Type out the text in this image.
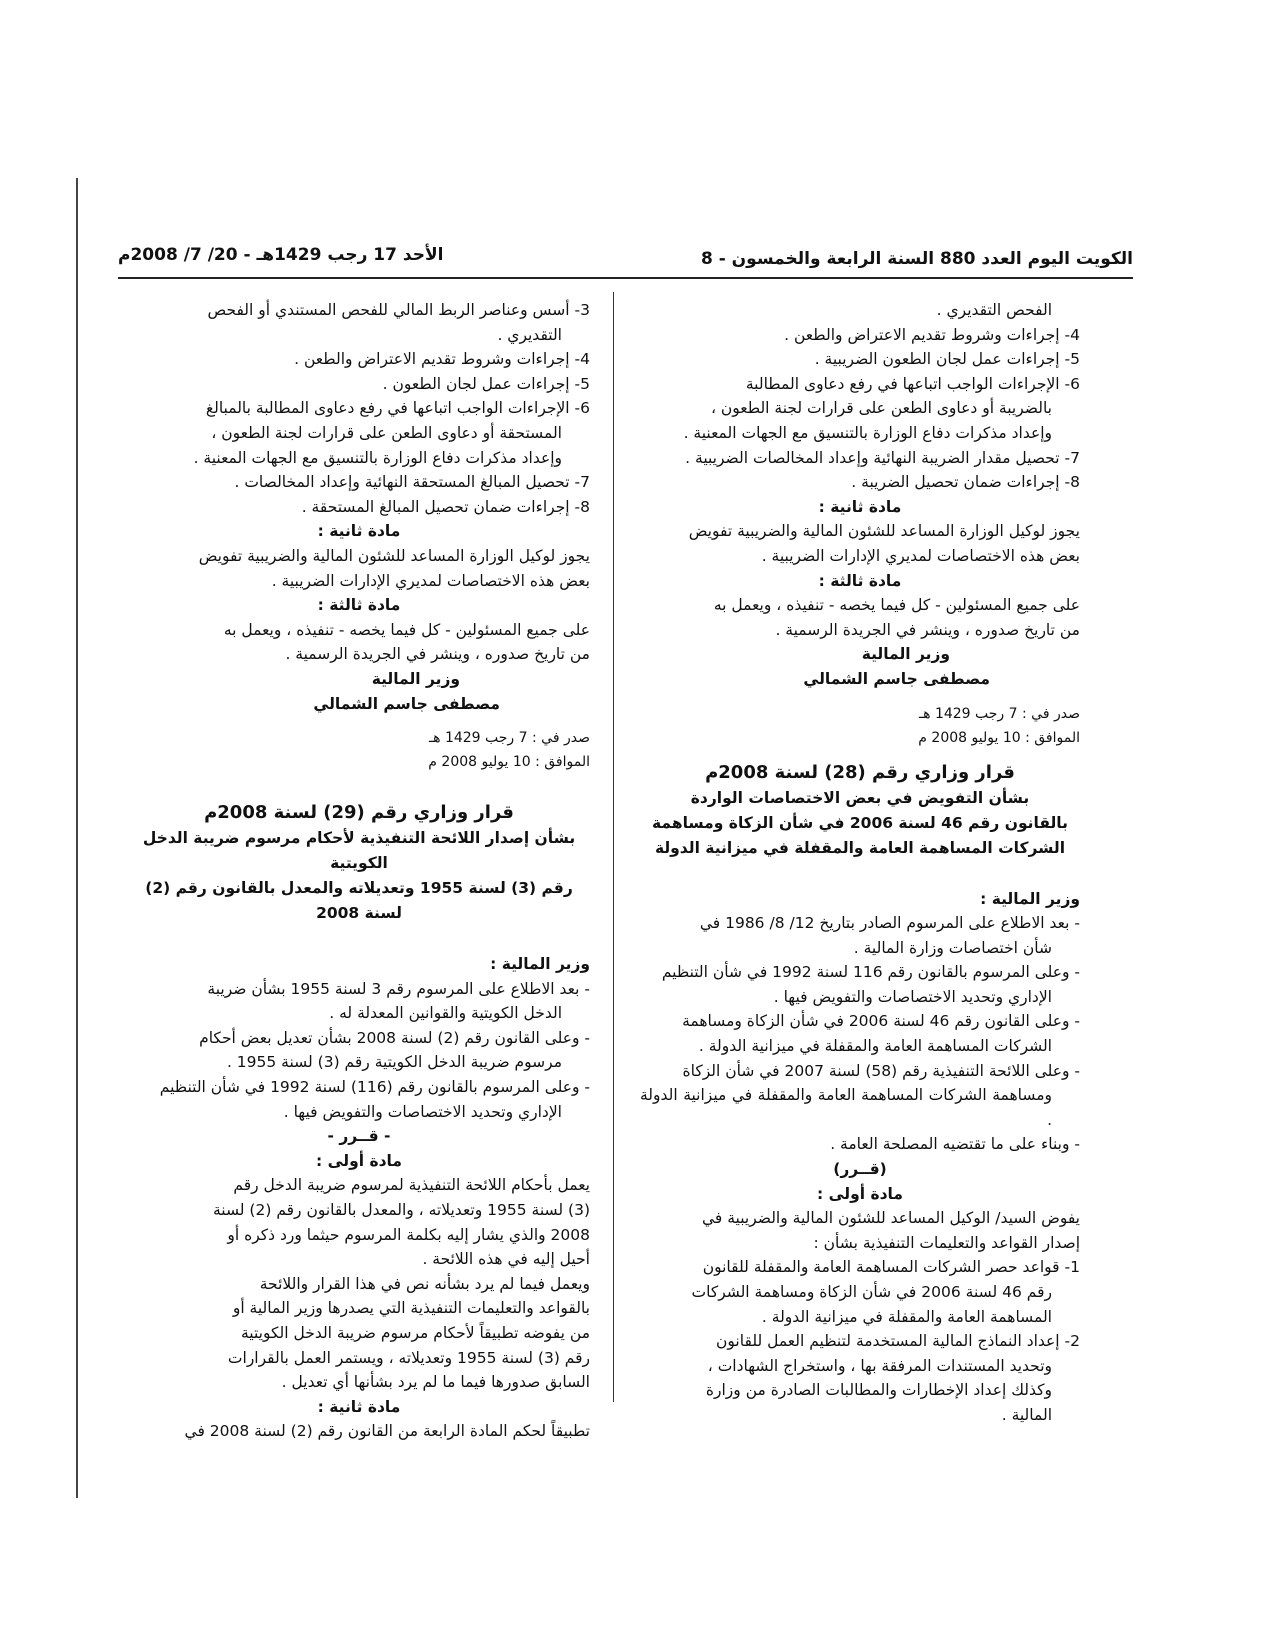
الكويت اليوم العدد 880 السنة الرابعة والخمسون - 8
الأحد 17 رجب 1429هـ - 20/ 7/ 2008م

الفحص التقديري .

4- إجراءات وشروط تقديم الاعتراض والطعن .

5- إجراءات عمل لجان الطعون الضريبية .

6- الإجراءات الواجب اتباعها في رفع دعاوى المطالبة

بالضريبة أو دعاوى الطعن على قرارات لجنة الطعون ،

وإعداد مذكرات دفاع الوزارة بالتنسيق مع الجهات المعنية .

7- تحصيل مقدار الضريبة النهائية وإعداد المخالصات الضريبية .

8- إجراءات ضمان تحصيل الضريبة .

مادة ثانية :

يجوز لوكيل الوزارة المساعد للشئون المالية والضريبية تفويض

بعض هذه الاختصاصات لمديري الإدارات الضريبية .

مادة ثالثة :

على جميع المسئولين - كل فيما يخصه - تنفيذه ، ويعمل به

من تاريخ صدوره ، وينشر في الجريدة الرسمية .

وزير المالية

مصطفى جاسم الشمالي

صدر في : 7 رجب 1429 هـ

الموافق : 10 يوليو 2008 م

قرار وزاري رقم (28) لسنة 2008م

بشأن التفويض في بعض الاختصاصات الواردة

بالقانون رقم 46 لسنة 2006 في شأن الزكاة ومساهمة

الشركات المساهمة العامة والمقفلة في ميزانية الدولة

وزير المالية :

- بعد الاطلاع على المرسوم الصادر بتاريخ 12/ 8/ 1986 في

شأن اختصاصات وزارة المالية .

- وعلى المرسوم بالقانون رقم 116 لسنة 1992 في شأن التنظيم

الإداري وتحديد الاختصاصات والتفويض فيها .

- وعلى القانون رقم 46 لسنة 2006 في شأن الزكاة ومساهمة

الشركات المساهمة العامة والمقفلة في ميزانية الدولة .

- وعلى اللائحة التنفيذية رقم (58) لسنة 2007 في شأن الزكاة

ومساهمة الشركات المساهمة العامة والمقفلة في ميزانية الدولة .

- وبناء على ما تقتضيه المصلحة العامة .

(قــرر)

مادة أولى :

يفوض السيد/ الوكيل المساعد للشئون المالية والضريبية في

إصدار القواعد والتعليمات التنفيذية بشأن :

1- قواعد حصر الشركات المساهمة العامة والمقفلة للقانون

رقم 46 لسنة 2006 في شأن الزكاة ومساهمة الشركات

المساهمة العامة والمقفلة في ميزانية الدولة .

2- إعداد النماذج المالية المستخدمة لتنظيم العمل للقانون

وتحديد المستندات المرفقة بها ، واستخراج الشهادات ،

وكذلك إعداد الإخطارات والمطالبات الصادرة من وزارة

المالية .

3- أسس وعناصر الربط المالي للفحص المستندي أو الفحص

التقديري .

4- إجراءات وشروط تقديم الاعتراض والطعن .

5- إجراءات عمل لجان الطعون .

6- الإجراءات الواجب اتباعها في رفع دعاوى المطالبة بالمبالغ

المستحقة أو دعاوى الطعن على قرارات لجنة الطعون ،

وإعداد مذكرات دفاع الوزارة بالتنسيق مع الجهات المعنية .

7- تحصيل المبالغ المستحقة النهائية وإعداد المخالصات .

8- إجراءات ضمان تحصيل المبالغ المستحقة .

مادة ثانية :

يجوز لوكيل الوزارة المساعد للشئون المالية والضريبية تفويض

بعض هذه الاختصاصات لمديري الإدارات الضريبية .

مادة ثالثة :

على جميع المسئولين - كل فيما يخصه - تنفيذه ، ويعمل به

من تاريخ صدوره ، وينشر في الجريدة الرسمية .

وزير المالية

مصطفى جاسم الشمالي

صدر في : 7 رجب 1429 هـ

الموافق : 10 يوليو 2008 م

قرار وزاري رقم (29) لسنة 2008م

بشأن إصدار اللائحة التنفيذية لأحكام مرسوم ضريبة الدخل الكويتية

رقم (3) لسنة 1955 وتعديلاته والمعدل بالقانون رقم (2) لسنة 2008

وزير المالية :

- بعد الاطلاع على المرسوم رقم 3 لسنة 1955 بشأن ضريبة

الدخل الكويتية والقوانين المعدلة له .

- وعلى القانون رقم (2) لسنة 2008 بشأن تعديل بعض أحكام

مرسوم ضريبة الدخل الكويتية رقم (3) لسنة 1955 .

- وعلى المرسوم بالقانون رقم (116) لسنة 1992 في شأن التنظيم

الإداري وتحديد الاختصاصات والتفويض فيها .

- قــرر -

مادة أولى :

يعمل بأحكام اللائحة التنفيذية لمرسوم ضريبة الدخل رقم

(3) لسنة 1955 وتعديلاته ، والمعدل بالقانون رقم (2) لسنة

2008 والذي يشار إليه بكلمة المرسوم حيثما ورد ذكره أو

أحيل إليه في هذه اللائحة .

ويعمل فيما لم يرد بشأنه نص في هذا القرار واللائحة

بالقواعد والتعليمات التنفيذية التي يصدرها وزير المالية أو

من يفوضه تطبيقاً لأحكام مرسوم ضريبة الدخل الكويتية

رقم (3) لسنة 1955 وتعديلاته ، ويستمر العمل بالقرارات

السابق صدورها فيما ما لم يرد بشأنها أي تعديل .

مادة ثانية :

تطبيقاً لحكم المادة الرابعة من القانون رقم (2) لسنة 2008 في
